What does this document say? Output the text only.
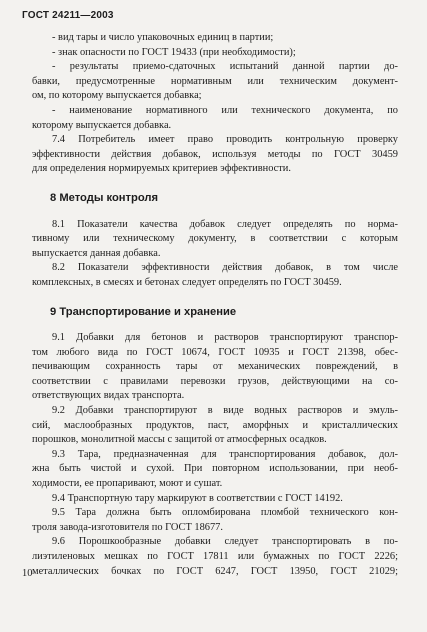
ГОСТ 24211—2003
- вид тары и число упаковочных единиц в партии;
- знак опасности по ГОСТ 19433 (при необходимости);
- результаты приемо-сдаточных испытаний данной партии до-
бавки, предусмотренные нормативным или техническим документ-
ом, по которому выпускается добавка;
- наименование нормативного или технического документа, по
которому выпускается добавка.
7.4 Потребитель имеет право проводить контрольную проверку
эффективности действия добавок, используя методы по ГОСТ 30459
для определения нормируемых критериев эффективности.
8 Методы контроля
8.1 Показатели качества добавок следует определять по норма-
тивному или техническому документу, в соответствии с которым
выпускается данная добавка.
8.2 Показатели эффективности действия добавок, в том числе
комплексных, в смесях и бетонах следует определять по ГОСТ 30459.
9 Транспортирование и хранение
9.1 Добавки для бетонов и растворов транспортируют транспор-
том любого вида по ГОСТ 10674, ГОСТ 10935 и ГОСТ 21398, обес-
печивающим сохранность тары от механических повреждений, в
соответствии с правилами перевозки грузов, действующими на со-
ответствующих видах транспорта.
9.2 Добавки транспортируют в виде водных растворов и эмуль-
сий, маслообразных продуктов, паст, аморфных и кристаллических
порошков, монолитной массы с защитой от атмосферных осадков.
9.3 Тара, предназначенная для транспортирования добавок, дол-
жна быть чистой и сухой. При повторном использовании, при необ-
ходимости, ее пропаривают, моют и сушат.
9.4 Транспортную тару маркируют в соответствии с ГОСТ 14192.
9.5 Тара должна быть опломбирована пломбой технического кон-
троля завода-изготовителя по ГОСТ 18677.
9.6 Порошкообразные добавки следует транспортировать в по-
лиэтиленовых мешках по ГОСТ 17811 или бумажных по ГОСТ 2226;
металлических бочках по ГОСТ 6247, ГОСТ 13950, ГОСТ 21029;
10
